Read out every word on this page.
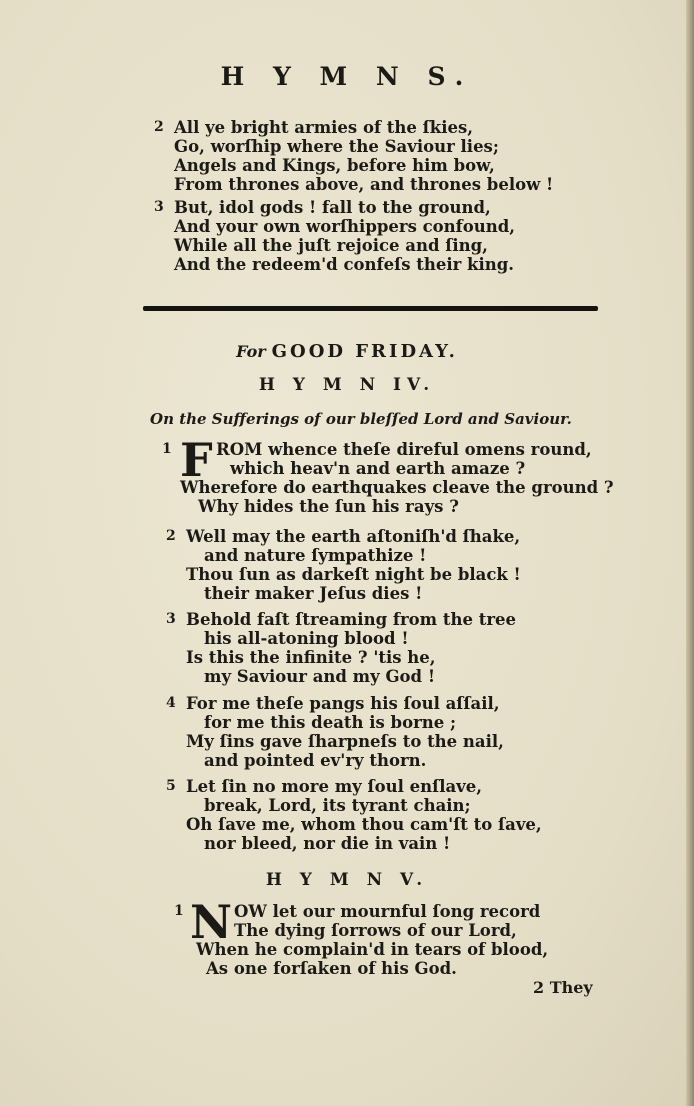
H Y M N S.
2 All ye bright armies of the ſkies,
Go, worſhip where the Saviour lies;
Angels and Kings, before him bow,
From thrones above, and thrones below !
3 But, idol gods ! fall to the ground,
And your own worſhippers confound,
While all the juſt rejoice and ſing,
And the redeem'd confeſs their king.
For GOOD FRIDAY.
H Y M N IV.
On the Sufferings of our bleſſed Lord and Saviour.
1 F ROM whence theſe direful omens round,
which heav'n and earth amaze ?
Wherefore do earthquakes cleave the ground ?
Why hides the ſun his rays ?
2 Well may the earth aſtoniſh'd ſhake,
and nature ſympathize !
Thou ſun as darkeſt night be black !
their maker Jeſus dies !
3 Behold faſt ſtreaming from the tree
his all-atoning blood !
Is this the infinite ? 'tis he,
my Saviour and my God !
4 For me theſe pangs his ſoul aſſail,
for me this death is borne ;
My ſins gave ſharpneſs to the nail,
and pointed ev'ry thorn.
5 Let ſin no more my ſoul enſlave,
break, Lord, its tyrant chain;
Oh ſave me, whom thou cam'ſt to ſave,
nor bleed, nor die in vain !
H Y M N V.
1 N OW let our mournful ſong record
The dying ſorrows of our Lord,
When he complain'd in tears of blood,
As one forſaken of his God.
2 They
